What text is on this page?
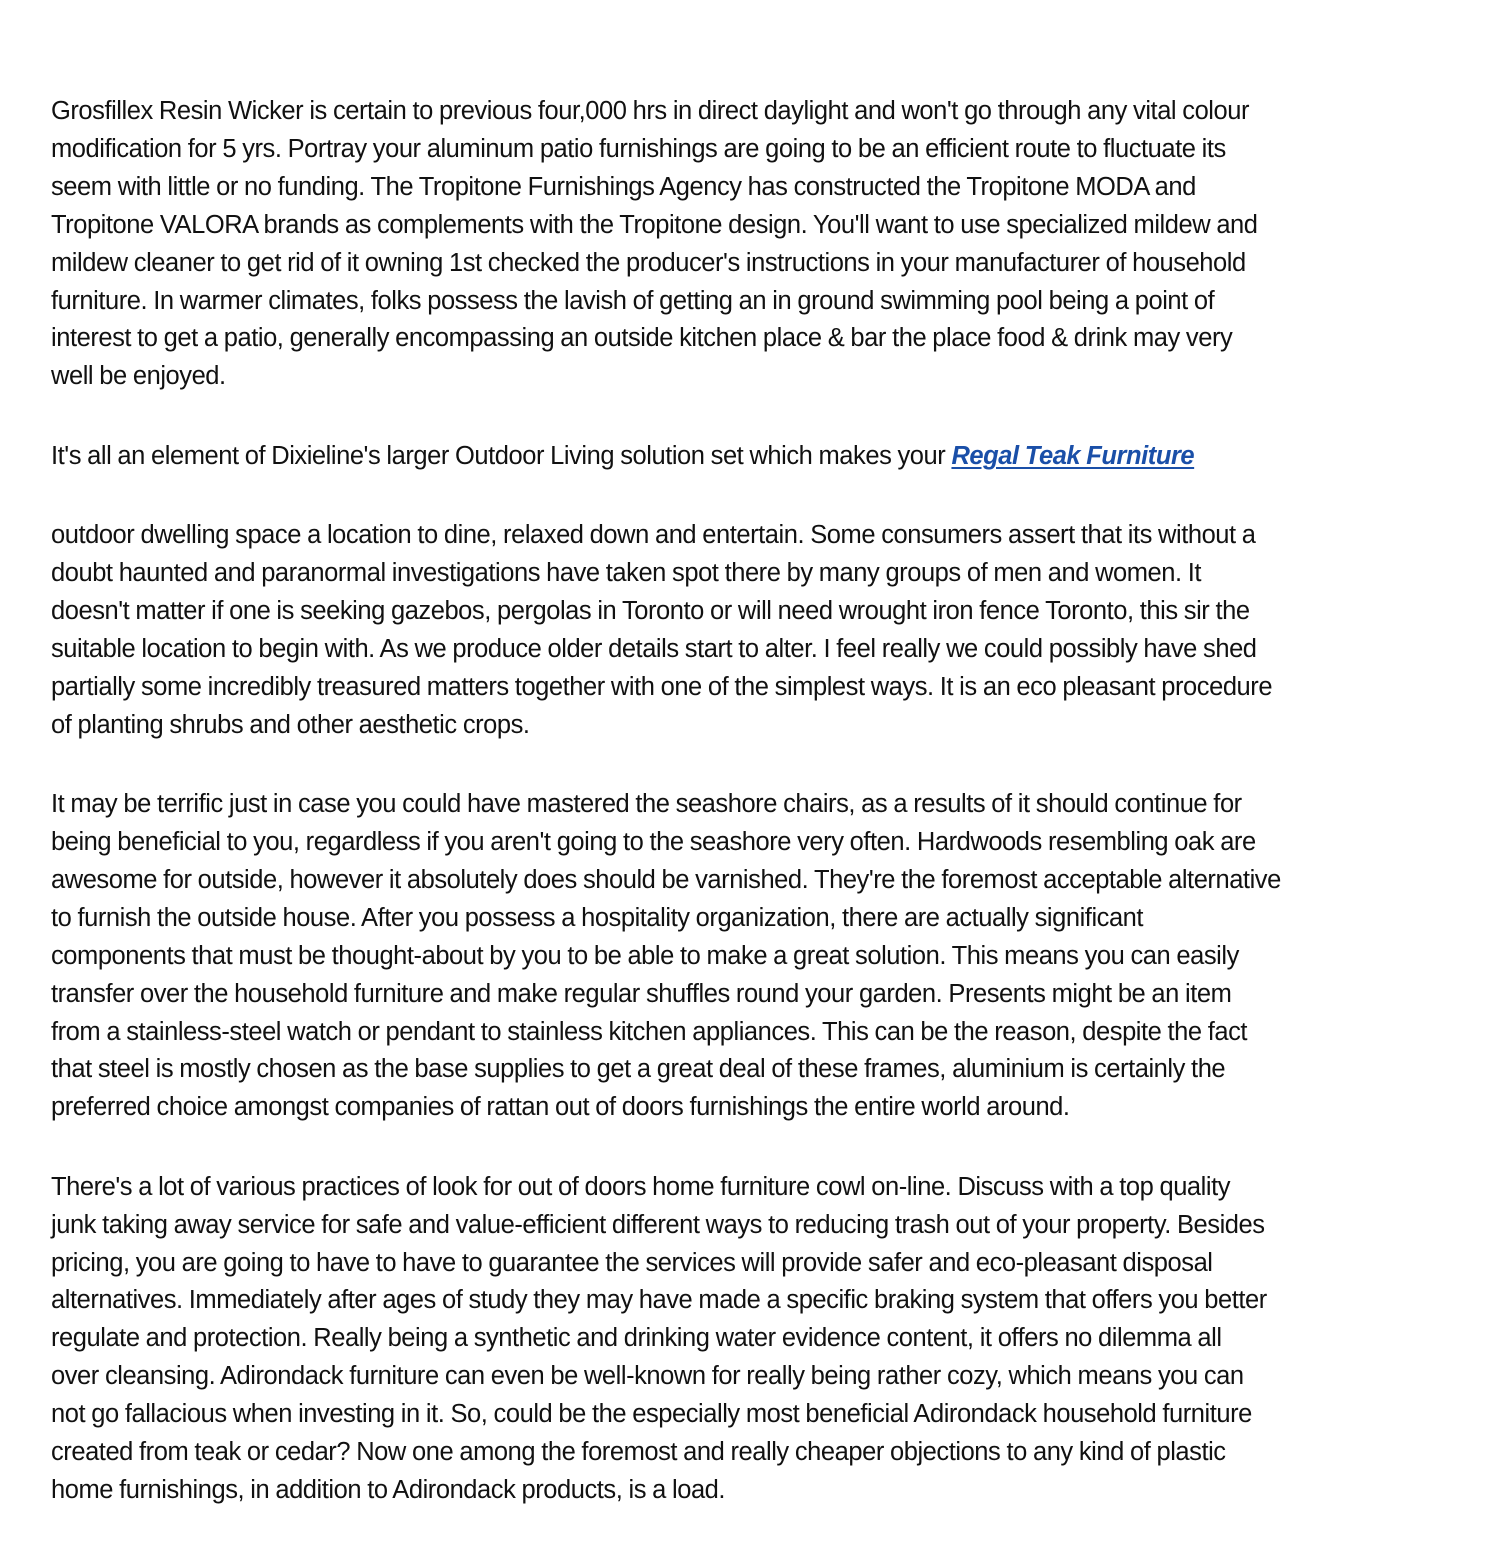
Grosfillex Resin Wicker is certain to previous four,000 hrs in direct daylight and won't go through any vital colour
modification for 5 yrs. Portray your aluminum patio furnishings are going to be an efficient route to fluctuate its
seem with little or no funding. The Tropitone Furnishings Agency has constructed the Tropitone MODA and
Tropitone VALORA brands as complements with the Tropitone design. You'll want to use specialized mildew and
mildew cleaner to get rid of it owning 1st checked the producer's instructions in your manufacturer of household
furniture. In warmer climates, folks possess the lavish of getting an in ground swimming pool being a point of
interest to get a patio, generally encompassing an outside kitchen place & bar the place food & drink may very
well be enjoyed.

It's all an element of Dixieline's larger Outdoor Living solution set which makes your Regal Teak Furniture

outdoor dwelling space a location to dine, relaxed down and entertain. Some consumers assert that its without a
doubt haunted and paranormal investigations have taken spot there by many groups of men and women. It
doesn't matter if one is seeking gazebos, pergolas in Toronto or will need wrought iron fence Toronto, this sir the
suitable location to begin with. As we produce older details start to alter. I feel really we could possibly have shed
partially some incredibly treasured matters together with one of the simplest ways. It is an eco pleasant procedure
of planting shrubs and other aesthetic crops.

It may be terrific just in case you could have mastered the seashore chairs, as a results of it should continue for
being beneficial to you, regardless if you aren't going to the seashore very often. Hardwoods resembling oak are
awesome for outside, however it absolutely does should be varnished. They're the foremost acceptable alternative
to furnish the outside house. After you possess a hospitality organization, there are actually significant
components that must be thought-about by you to be able to make a great solution. This means you can easily
transfer over the household furniture and make regular shuffles round your garden. Presents might be an item
from a stainless-steel watch or pendant to stainless kitchen appliances. This can be the reason, despite the fact
that steel is mostly chosen as the base supplies to get a great deal of these frames, aluminium is certainly the
preferred choice amongst companies of rattan out of doors furnishings the entire world around.

There's a lot of various practices of look for out of doors home furniture cowl on-line. Discuss with a top quality
junk taking away service for safe and value-efficient different ways to reducing trash out of your property. Besides
pricing, you are going to have to have to guarantee the services will provide safer and eco-pleasant disposal
alternatives. Immediately after ages of study they may have made a specific braking system that offers you better
regulate and protection. Really being a synthetic and drinking water evidence content, it offers no dilemma all
over cleansing. Adirondack furniture can even be well-known for really being rather cozy, which means you can
not go fallacious when investing in it. So, could be the especially most beneficial Adirondack household furniture
created from teak or cedar? Now one among the foremost and really cheaper objections to any kind of plastic
home furnishings, in addition to Adirondack products, is a load.
